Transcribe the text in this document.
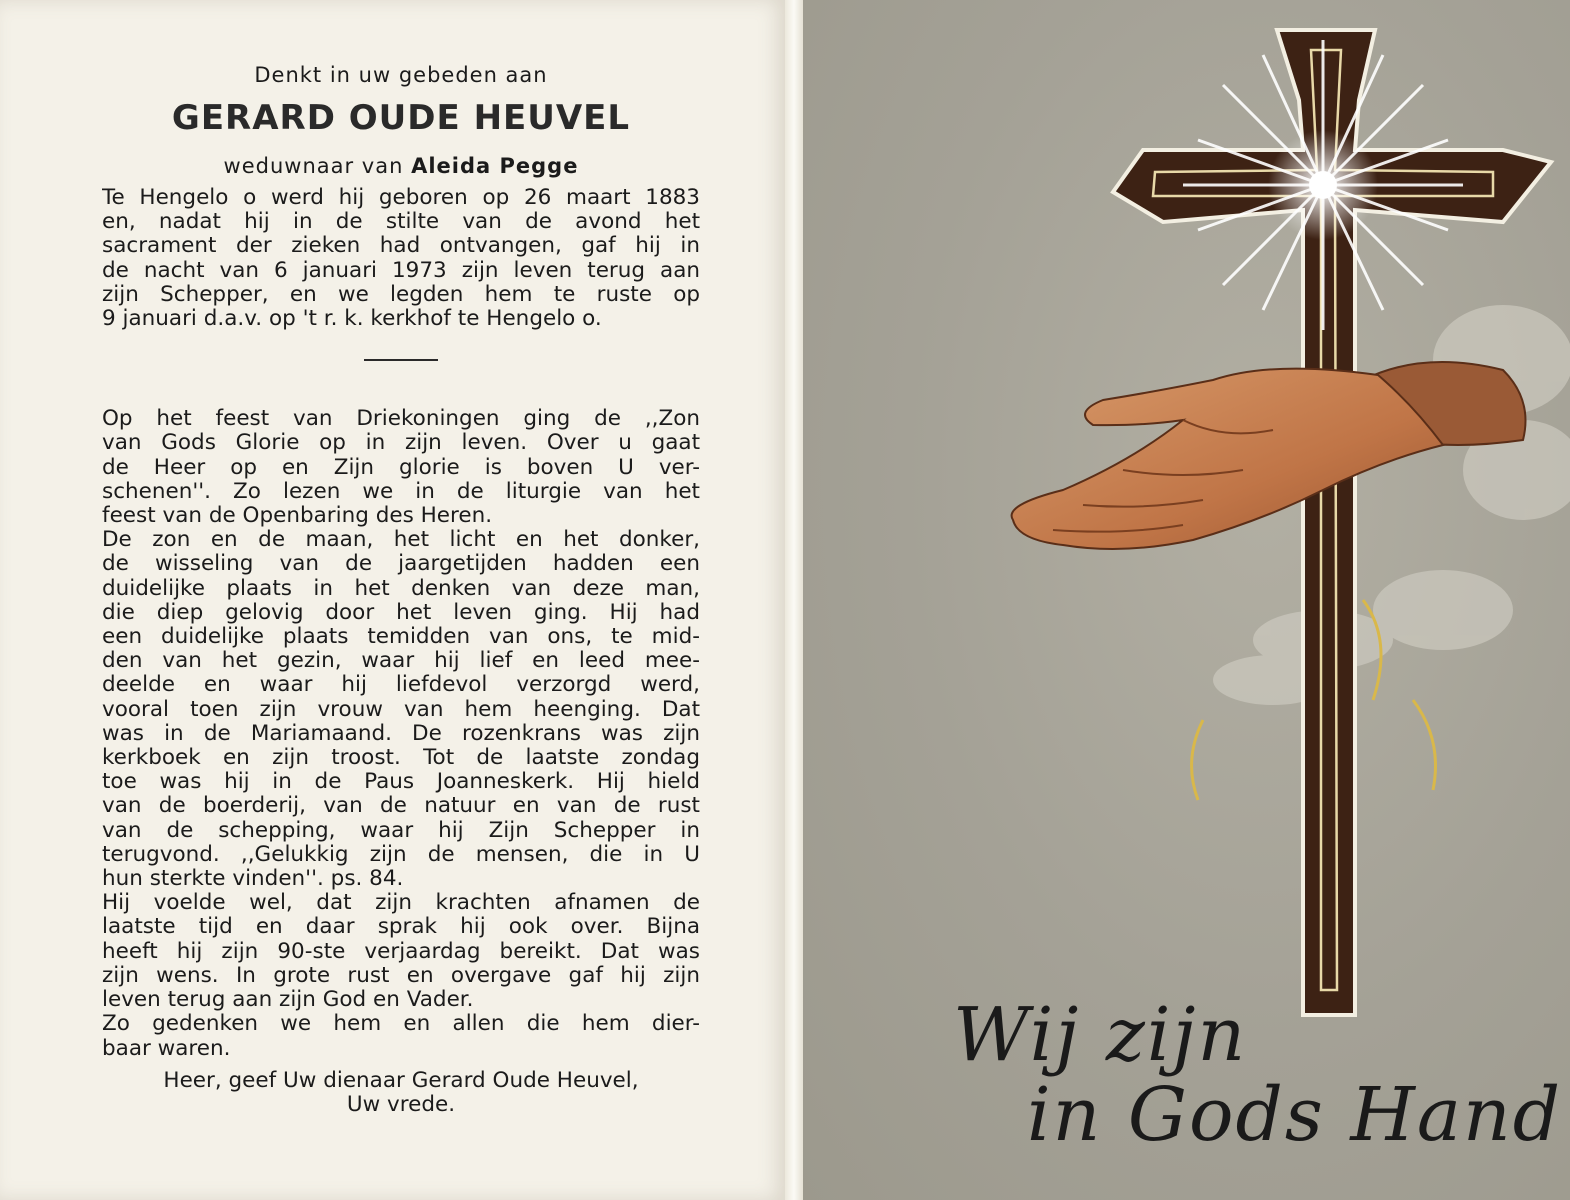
Denkt in uw gebeden aan
GERARD OUDE HEUVEL
weduwnaar van Aleida Pegge
Te Hengelo o werd hij geboren op 26 maart 1883
en, nadat hij in de stilte van de avond het
sacrament der zieken had ontvangen, gaf hij in
de nacht van 6 januari 1973 zijn leven terug aan
zijn Schepper, en we legden hem te ruste op
9 januari d.a.v. op 't r. k. kerkhof te Hengelo o.
Op het feest van Driekoningen ging de ,,Zon
van Gods Glorie op in zijn leven. Over u gaat
de Heer op en Zijn glorie is boven U ver-
schenen''. Zo lezen we in de liturgie van het
feest van de Openbaring des Heren.
De zon en de maan, het licht en het donker,
de wisseling van de jaargetijden hadden een
duidelijke plaats in het denken van deze man,
die diep gelovig door het leven ging. Hij had
een duidelijke plaats temidden van ons, te mid-
den van het gezin, waar hij lief en leed mee-
deelde en waar hij liefdevol verzorgd werd,
vooral toen zijn vrouw van hem heenging. Dat
was in de Mariamaand. De rozenkrans was zijn
kerkboek en zijn troost. Tot de laatste zondag
toe was hij in de Paus Joanneskerk. Hij hield
van de boerderij, van de natuur en van de rust
van de schepping, waar hij Zijn Schepper in
terugvond. ,,Gelukkig zijn de mensen, die in U
hun sterkte vinden''. ps. 84.
Hij voelde wel, dat zijn krachten afnamen de
laatste tijd en daar sprak hij ook over. Bijna
heeft hij zijn 90-ste verjaardag bereikt. Dat was
zijn wens. In grote rust en overgave gaf hij zijn
leven terug aan zijn God en Vader.
Zo gedenken we hem en allen die hem dier-
baar waren.
Heer, geef Uw dienaar Gerard Oude Heuvel,
Uw vrede.
Wij zijn
in Gods Hand
